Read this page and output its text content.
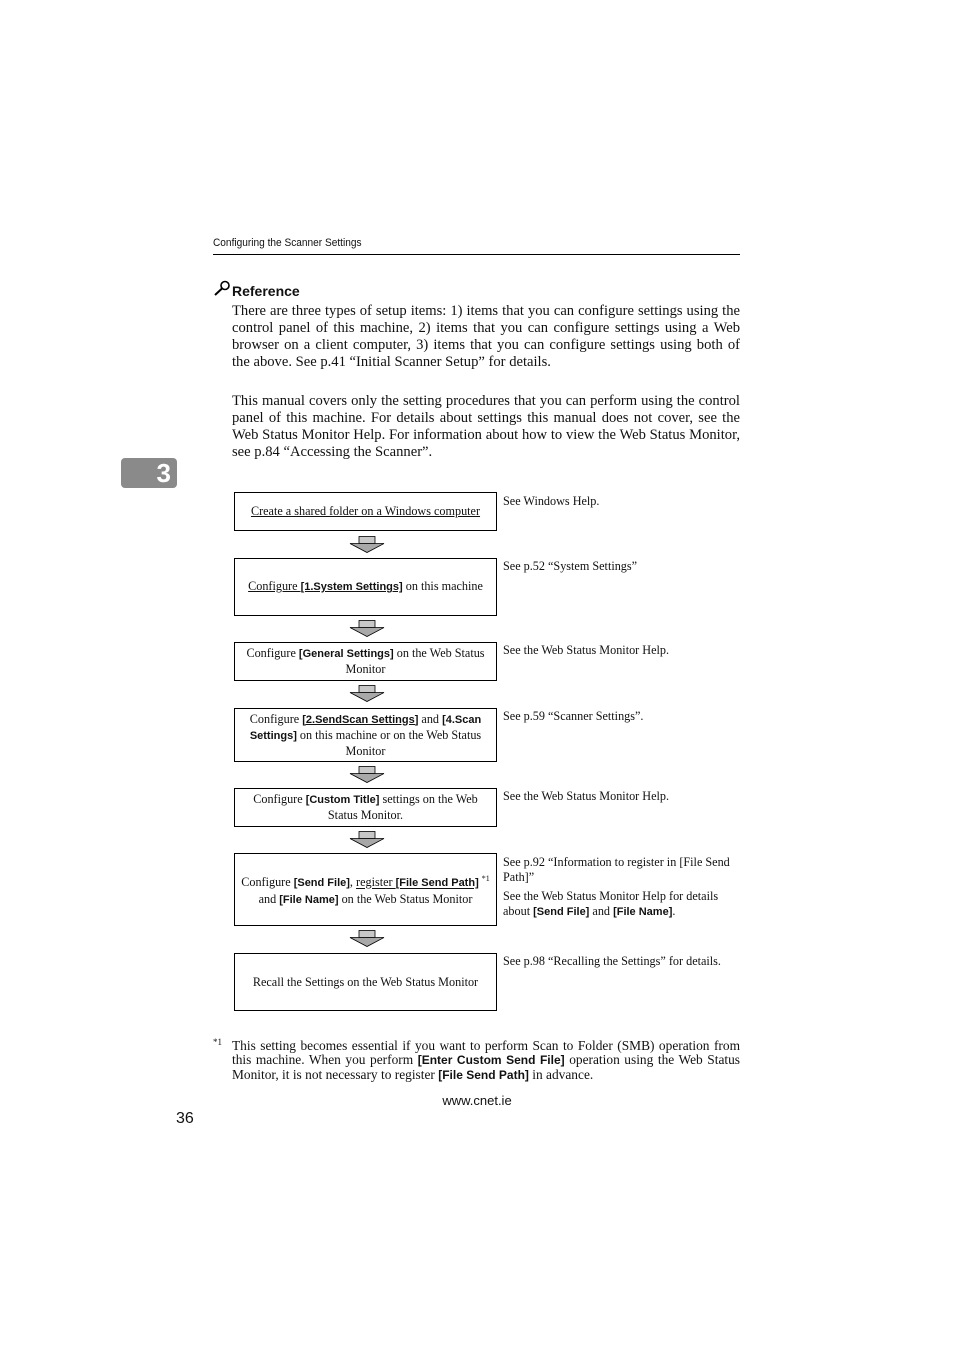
Configuring the Scanner Settings
Reference
There are three types of setup items: 1) items that you can configure settings using the control panel of this machine, 2) items that you can configure settings using a Web browser on a client computer, 3) items that you can configure settings using both of the above. See p.41 “Initial Scanner Setup” for details.
This manual covers only the setting procedures that you can perform using the control panel of this machine. For details about settings this manual does not cover, see the Web Status Monitor Help. For information about how to view the Web Status Monitor, see p.84 “Accessing the Scanner”.
3
Create a shared folder on a Windows computer
See Windows Help.
Configure [1.System Settings] on this machine
See p.52 “System Settings”
Configure [General Settings] on the Web Status Monitor
See the Web Status Monitor Help.
Configure [2.SendScan Settings] and [4.Scan Settings] on this machine or on the Web Status Monitor
See p.59 “Scanner Settings”.
Configure [Custom Title] settings on the Web Status Monitor.
See the Web Status Monitor Help.
Configure [Send File], register [File Send Path] $^{*1}$
and [File Name] on the Web Status Monitor
See p.92 “Information to register in [File Send Path]”
See the Web Status Monitor Help for details about [Send File] and [File Name].
Recall the Settings on the Web Status Monitor
See p.98 “Recalling the Settings” for details.
*1 This setting becomes essential if you want to perform Scan to Folder (SMB) operation from this machine. When you perform [Enter Custom Send File] operation using the Web Status Monitor, it is not necessary to register [File Send Path] in advance.
www.cnet.ie
36
